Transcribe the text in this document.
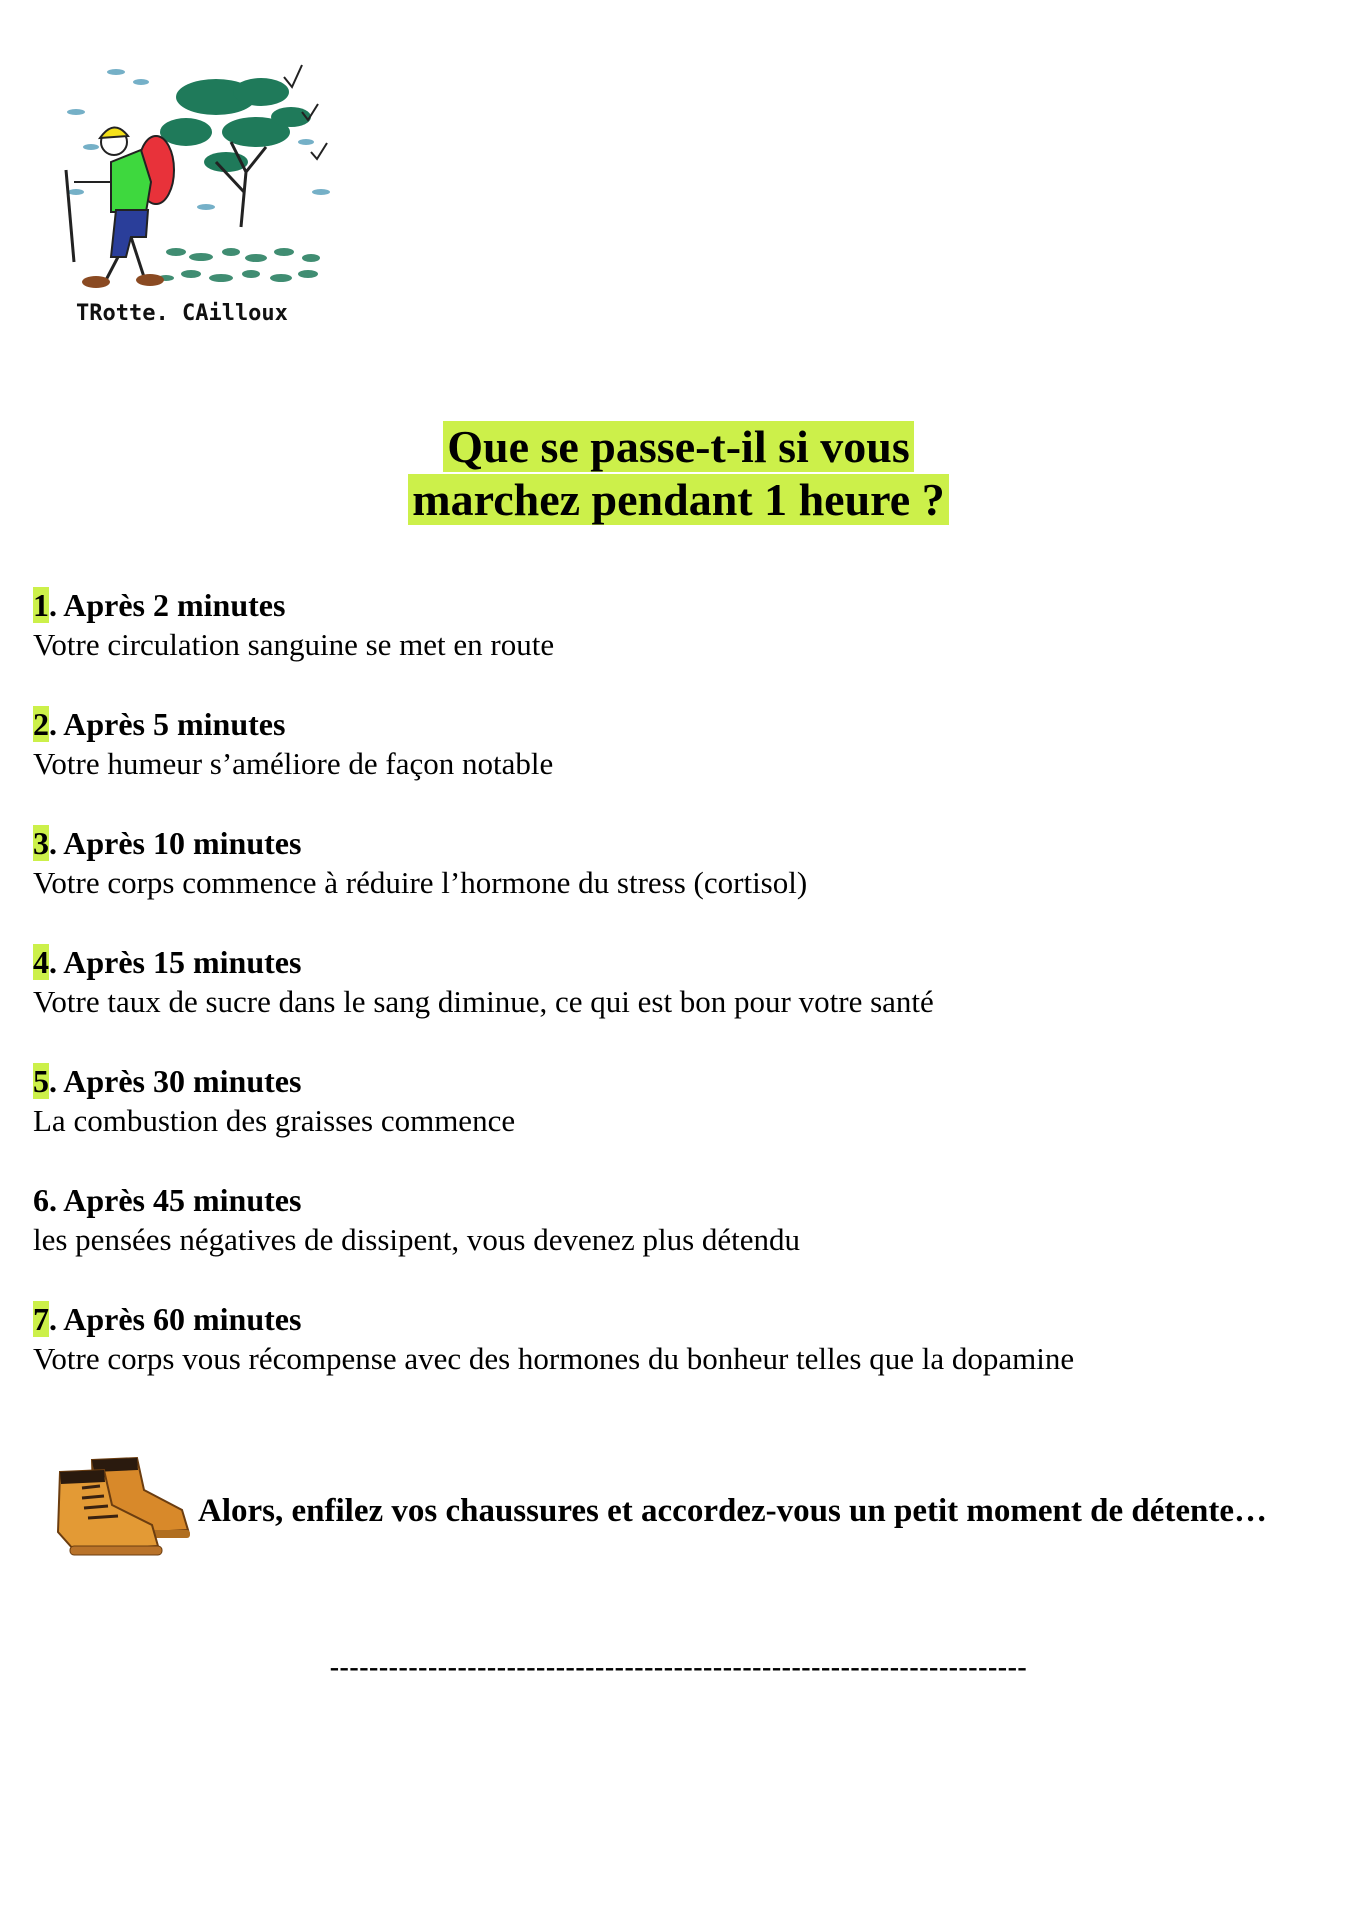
TRotte. CAilloux
Que se passe-t-il si vous
marchez pendant 1 heure ?
1. Après 2 minutes
Votre circulation sanguine se met en route
2. Après 5 minutes
Votre humeur s’améliore de façon notable
3. Après 10 minutes
Votre corps commence à réduire l’hormone du stress (cortisol)
4. Après 15 minutes
Votre taux de sucre dans le sang diminue, ce qui est bon pour votre santé
5. Après 30 minutes
La combustion des graisses commence
6. Après 45 minutes
les pensées négatives de dissipent, vous devenez plus détendu
7. Après 60 minutes
Votre corps vous récompense avec des hormones du bonheur telles que la dopamine
Alors, enfilez vos chaussures et accordez-vous un petit moment de détente…
-----------------------------------------------------------------------
